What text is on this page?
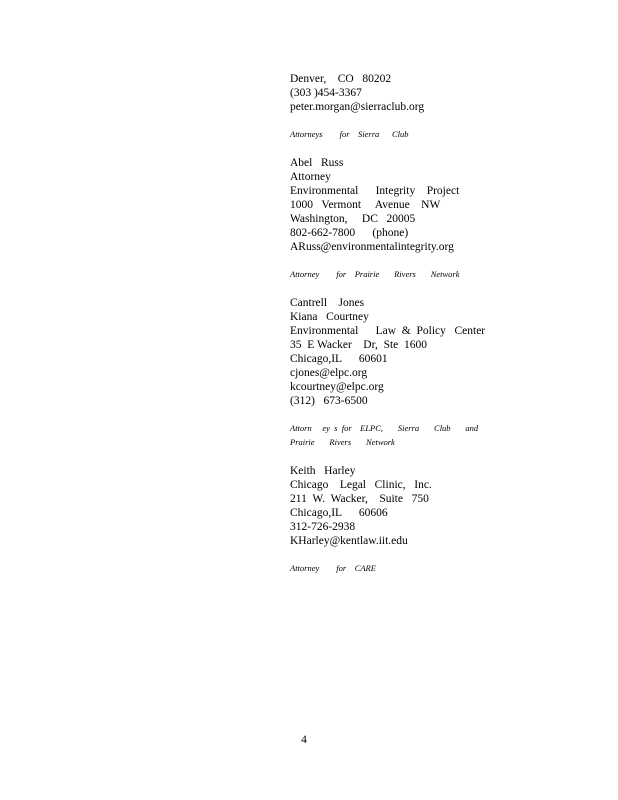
Denver,    CO   80202
(303 )454-3367
peter.morgan@sierraclub.org
Attorneys        for    Sierra      Club
Abel   Russ
Attorney
Environmental      Integrity    Project
1000   Vermont     Avenue    NW
Washington,     DC   20005
802-662-7800      (phone)
ARuss@environmentalintegrity.org
Attorney        for    Prairie       Rivers       Network
Cantrell    Jones
Kiana   Courtney
Environmental      Law  &  Policy   Center
35  E Wacker    Dr,  Ste  1600
Chicago,IL      60601
cjones@elpc.org
kcourtney@elpc.org
(312)   673-6500
Attorn     ey  s  for    ELPC,       Sierra       Club       and
Prairie       Rivers       Network
Keith   Harley
Chicago    Legal   Clinic,   Inc.
211  W.  Wacker,    Suite   750
Chicago,IL      60606
312-726-2938
KHarley@kentlaw.iit.edu
Attorney        for    CARE
4
